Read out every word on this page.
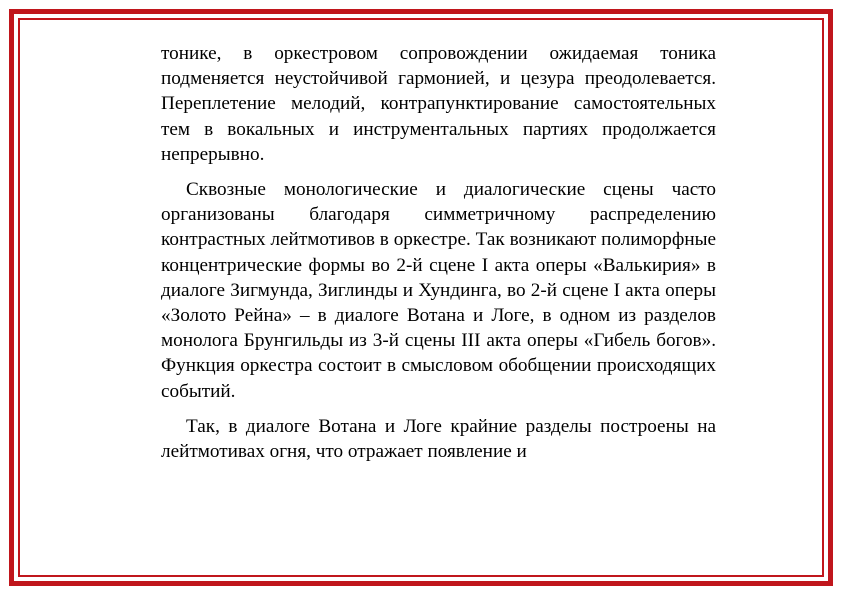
тонике, в оркестровом сопровождении ожидаемая тоника подменяется неустойчивой гармонией, и цезура преодолевается. Переплетение мелодий, контрапунктирование самостоятельных тем в вокальных и инструментальных партиях продолжается непрерывно.

Сквозные монологические и диалогические сцены часто организованы благодаря симметричному распределению контрастных лейтмотивов в оркестре. Так возникают полиморфные концентрические формы во 2-й сцене I акта оперы «Валькирия» в диалоге Зигмунда, Зиглинды и Хундинга, во 2-й сцене I акта оперы «Золото Рейна» – в диалоге Вотана и Логе, в одном из разделов монолога Брунгильды из 3-й сцены III акта оперы «Гибель богов». Функция оркестра состоит в смысловом обобщении происходящих событий.

Так, в диалоге Вотана и Логе крайние разделы построены на лейтмотивах огня, что отражает появление и
